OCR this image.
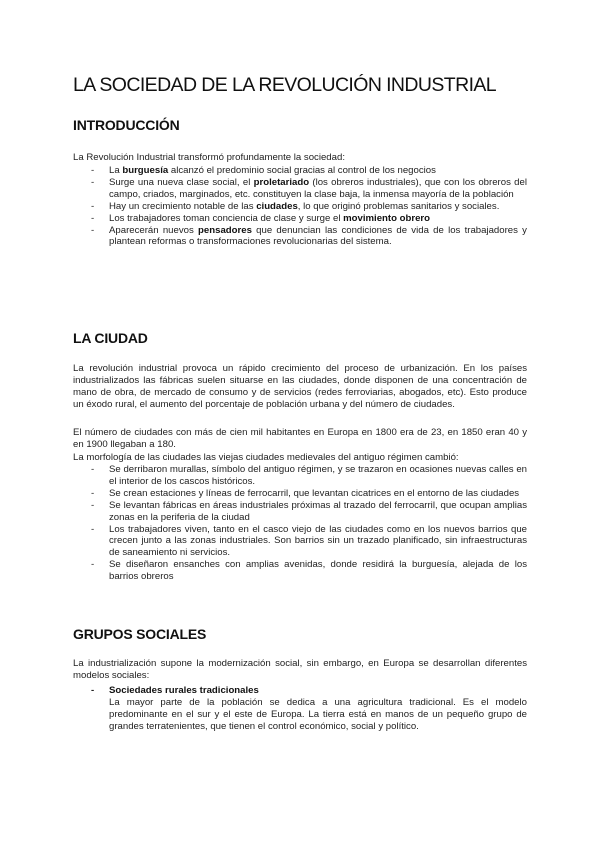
LA SOCIEDAD DE LA REVOLUCIÓN INDUSTRIAL
INTRODUCCIÓN

La Revolución Industrial transformó profundamente la sociedad:

- La burguesía alcanzó el predominio social gracias al control de los negocios
- Surge una nueva clase social, el proletariado (los obreros industriales), que con los obreros del campo, criados, marginados, etc. constituyen la clase baja, la inmensa mayoría de la población
- Hay un crecimiento notable de las ciudades, lo que originó problemas sanitarios y sociales.
- Los trabajadores toman conciencia de clase y surge el movimiento obrero
- Aparecerán nuevos pensadores que denuncian las condiciones de vida de los trabajadores y plantean reformas o transformaciones revolucionarias del sistema.
LA CIUDAD

La revolución industrial provoca un rápido crecimiento del proceso de urbanización. En los países industrializados las fábricas suelen situarse en las ciudades, donde disponen de una concentración de mano de obra, de mercado de consumo y de servicios (redes ferroviarias, abogados, etc). Esto produce un éxodo rural, el aumento del porcentaje de población urbana y del número de ciudades.

El número de ciudades con más de cien mil habitantes en Europa en 1800 era de 23, en 1850 eran 40 y en 1900 llegaban a 180.

La morfología de las ciudades las viejas ciudades medievales del antiguo régimen cambió:

- Se derribaron murallas, símbolo del antiguo régimen, y se trazaron en ocasiones nuevas calles en el interior de los cascos históricos.
- Se crean estaciones y líneas de ferrocarril, que levantan cicatrices en el entorno de las ciudades
- Se levantan fábricas en áreas industriales próximas al trazado del ferrocarril, que ocupan amplias zonas en la periferia de la ciudad
- Los trabajadores viven, tanto en el casco viejo de las ciudades como en los nuevos barrios que crecen junto a las zonas industriales. Son barrios sin un trazado planificado, sin infraestructuras de saneamiento ni servicios.
- Se diseñaron ensanches con amplias avenidas, donde residirá la burguesía, alejada de los barrios obreros
GRUPOS SOCIALES

La industrialización supone la modernización social, sin embargo, en Europa se desarrollan diferentes modelos sociales:

- Sociedades rurales tradicionales
La mayor parte de la población se dedica a una agricultura tradicional. Es el modelo predominante en el sur y el este de Europa. La tierra está en manos de un pequeño grupo de grandes terratenientes, que tienen el control económico, social y político.
